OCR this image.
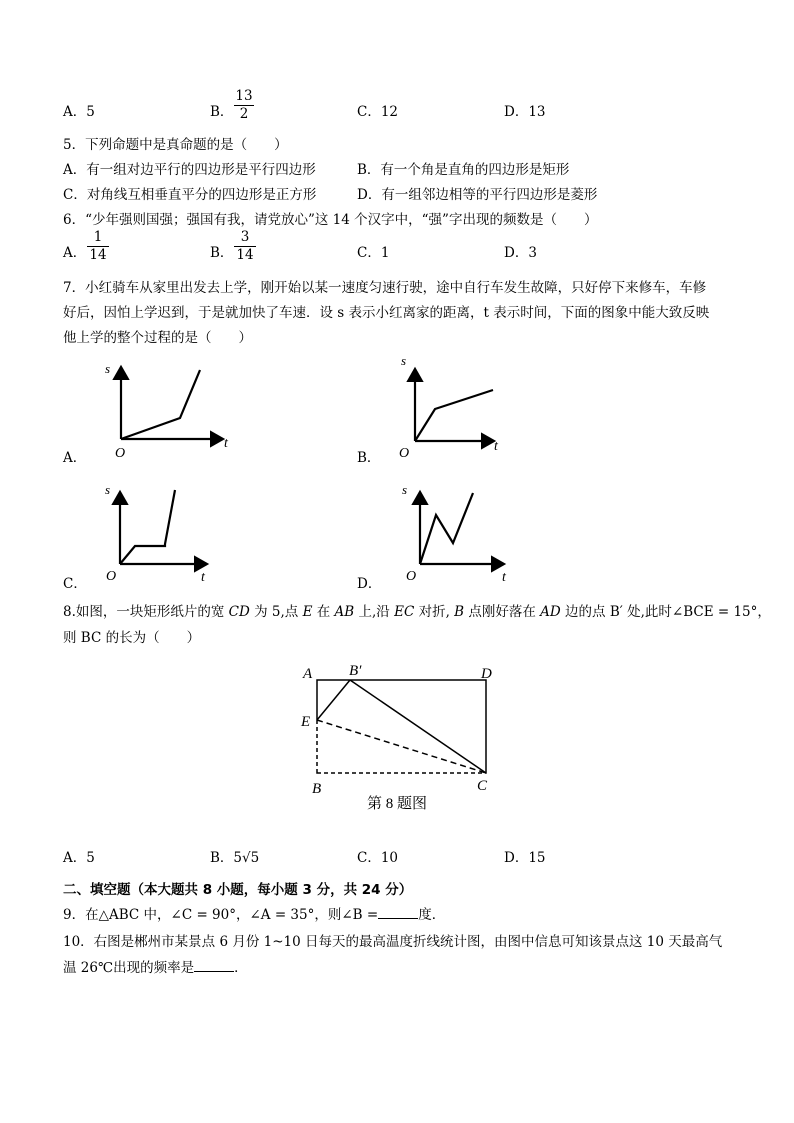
A．5	B． $\frac{13}{2}$	C．12	D．13
5．下列命题中是真命题的是（　　）
A．有一组对边平行的四边形是平行四边形	B．有一个角是直角的四边形是矩形
C．对角线互相垂直平分的四边形是正方形	D．有一组邻边相等的平行四边形是菱形
6．“少年强则国强；强国有我，请党放心”这 14 个汉字中，“强”字出现的频数是（　　）
A． $\frac{1}{14}$	B． $\frac{3}{14}$	C．1	D．3
7．小红骑车从家里出发去上学，刚开始以某一速度匀速行驶，途中自行车发生故障，只好停下来修车，车修
好后，因怕上学迟到，于是就加快了车速．设 s 表示小红离家的距离，t 表示时间，下面的图象中能大致反映
他上学的整个过程的是（　　）
A．
s
t
O	B．
s
t
O
C．
s
t
O	D．
s
t
O
8.如图，一块矩形纸片的宽 CD 为 5,点 E 在 AB 上,沿 EC 对折, B 点刚好落在 AD 边的点 B′ 处,此时∠BCE = 15°，
则 BC 的长为（　　）
A B′	D
E
B	C
第 8 题图
A．5	B．5√5	C．10	D．15
二、填空题（本大题共 8 小题，每小题 3 分，共 24 分）
9．在△ABC 中，∠C = 90°，∠A = 35°，则∠B =	度．
10．右图是郴州市某景点 6 月份 1~10 日每天的最高温度折线统计图，由图中信息可知该景点这 10 天最高气
温 26℃出现的频率是	．
